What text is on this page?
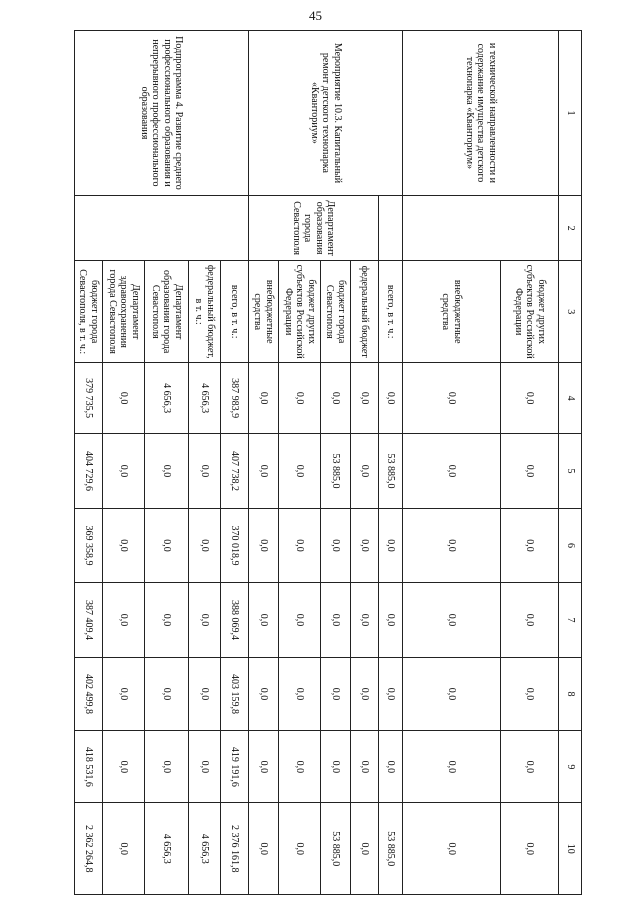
45
1	2	3	4	5	6	7	8	9	10
и технической направленности и содержание имущества детского технопарка «Кванториум»		бюджет других субъектов Российской Федерации	0,0	0,0	0,0	0,0	0,0	0,0	0,0
		внебюджетные средства	0,0	0,0	0,0	0,0	0,0	0,0	0,0
Мероприятие 10.3. Капитальный ремонт детского технопарка «Кванториум»		всего, в т. ч.:	0,0	53 885,0	0,0	0,0	0,0	0,0	53 885,0
	Департамент образования города Севастополя	федеральный бюджет	0,0	0,0	0,0	0,0	0,0	0,0	0,0
		бюджет города Севастополя	0,0	53 885,0	0,0	0,0	0,0	0,0	53 885,0
		бюджет других субъектов Российской Федерации	0,0	0,0	0,0	0,0	0,0	0,0	0,0
		внебюджетные средства	0,0	0,0	0,0	0,0	0,0	0,0	0,0
Подпрограмма 4. Развитие среднего профессионального образования и непрерывного профессионального образования		всего, в т. ч.:	387 983,9	407 738,2	370 018,9	388 069,4	403 159,8	419 191,6	2 376 161,8
		федеральный бюджет, в т. ч.:	4 656,3	0,0	0,0	0,0	0,0	0,0	4 656,3
		Департамент образования города Севастополя	4 656,3	0,0	0,0	0,0	0,0	0,0	4 656,3
		Департамент здравоохранения города Севастополя	0,0	0,0	0,0	0,0	0,0	0,0	0,0
		бюджет города Севастополя, в т. ч.:	379 735,5	404 729,6	369 358,9	387 409,4	402 499,8	418 531,6	2 362 264,8
